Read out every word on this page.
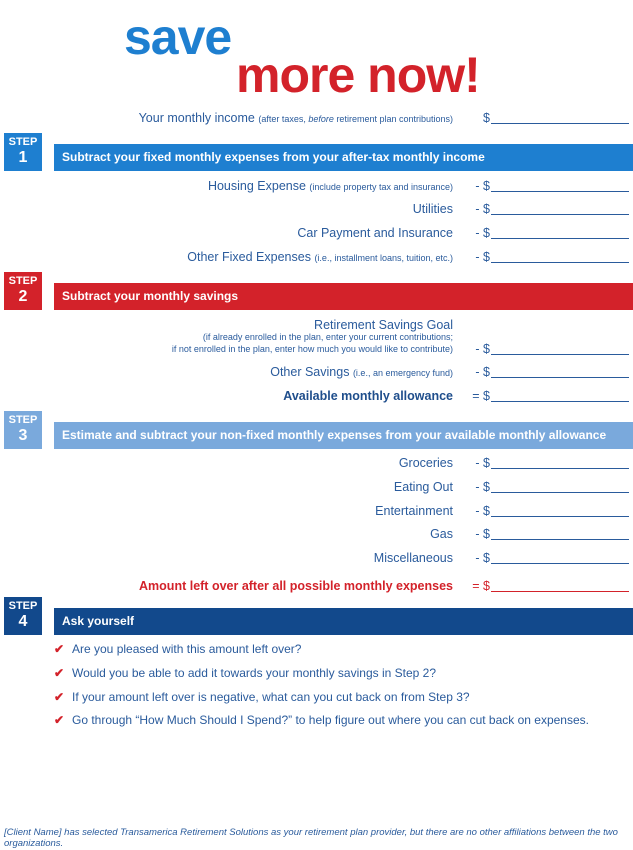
save
more now!
Your monthly income (after taxes, before retirement plan contributions)	$
STEP
1	Subtract your fixed monthly expenses from your after-tax monthly income
Housing Expense (include property tax and insurance)	- $
Utilities	- $
Car Payment and Insurance	- $
Other Fixed Expenses (i.e., installment loans, tuition, etc.)	- $
STEP
2	Subtract your monthly savings
Retirement Savings Goal
(if already enrolled in the plan, enter your current contributions;
if not enrolled in the plan, enter how much you would like to contribute)	- $
Other Savings (i.e., an emergency fund)	- $
Available monthly allowance	= $
STEP
3	Estimate and subtract your non-fixed monthly expenses from your available monthly allowance
Groceries	- $
Eating Out	- $
Entertainment	- $
Gas	- $
Miscellaneous	- $
Amount left over after all possible monthly expenses	= $
STEP
4	Ask yourself
✔ Are you pleased with this amount left over?
✔ Would you be able to add it towards your monthly savings in Step 2?
✔ If your amount left over is negative, what can you cut back on from Step 3?
✔ Go through “How Much Should I Spend?” to help figure out where you can cut back on expenses.
[Client Name] has selected Transamerica Retirement Solutions as your retirement plan provider, but there are no other affiliations between the two organizations.
